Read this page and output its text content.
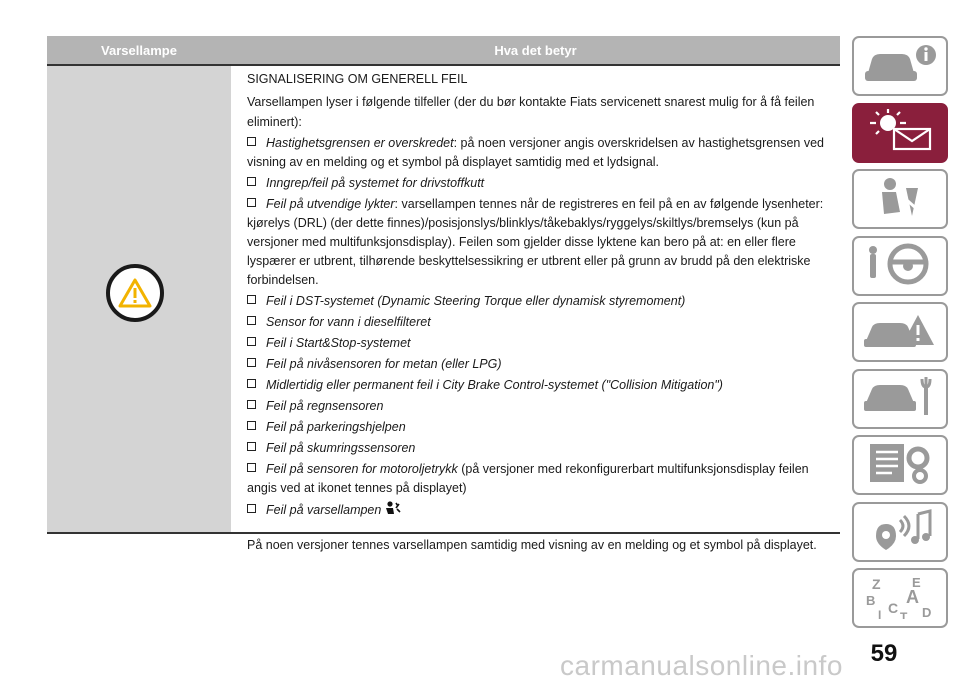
Varsellampe	Hva det betyr

SIGNALISERING OM GENERELL FEIL

Varsellampen lyser i følgende tilfeller (der du bør kontakte Fiats servicenett snarest mulig for å få feilen eliminert):

Hastighetsgrensen er overskredet: på noen versjoner angis overskridelsen av hastighetsgrensen ved visning av en melding og et symbol på displayet samtidig med et lydsignal.

Inngrep/feil på systemet for drivstoffkutt

Feil på utvendige lykter: varsellampen tennes når de registreres en feil på en av følgende lysenheter: kjørelys (DRL) (der dette finnes)/posisjonslys/blinklys/tåkebaklys/ryggelys/skiltlys/bremselys (kun på versjoner med multifunksjonsdisplay). Feilen som gjelder disse lyktene kan bero på at: en eller flere lyspærer er utbrent, tilhørende beskyttelsessikring er utbrent eller på grunn av brudd på den elektriske forbindelsen.

Feil i DST-systemet (Dynamic Steering Torque eller dynamisk styremoment)

Sensor for vann i dieselfilteret

Feil i Start&Stop-systemet

Feil på nivåsensoren for metan (eller LPG)

Midlertidig eller permanent feil i City Brake Control-systemet ("Collision Mitigation")

Feil på regnsensoren

Feil på parkeringshjelpen

Feil på skumringssensoren

Feil på sensoren for motoroljetrykk (på versjoner med rekonfigurerbart multifunksjonsdisplay feilen angis ved at ikonet tennes på displayet)

Feil på varsellampen

På noen versjoner tennes varsellampen samtidig med visning av en melding og et symbol på displayet.

Z E
B A
C D
I T
59
carmanualsonline.info
